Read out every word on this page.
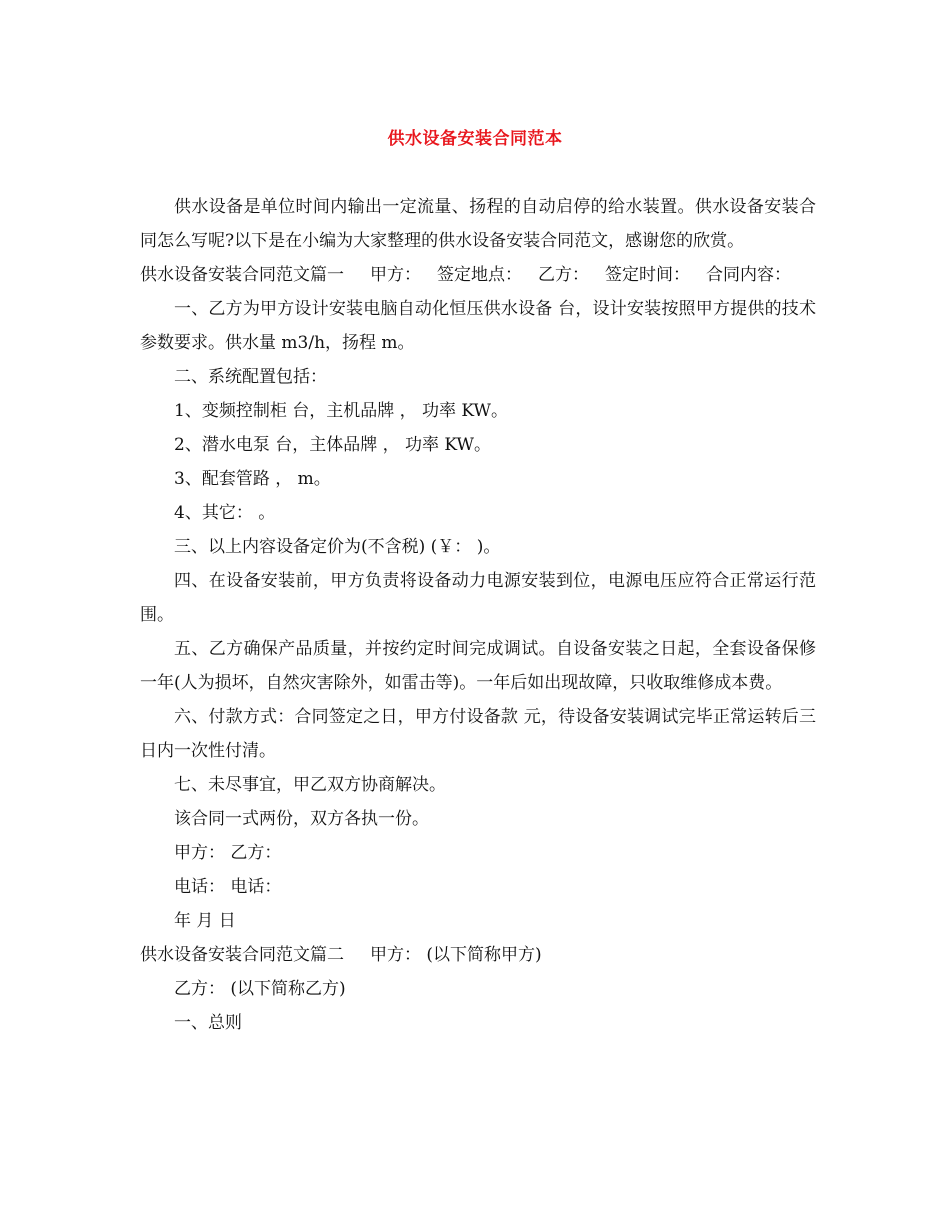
供水设备安装合同范本

供水设备是单位时间内输出一定流量、扬程的自动启停的给水装置。供水设备安装合同怎么写呢?以下是在小编为大家整理的供水设备安装合同范文，感谢您的欣赏。

供水设备安装合同范文篇一 甲方： 签定地点： 乙方： 签定时间： 合同内容：

一、乙方为甲方设计安装电脑自动化恒压供水设备 台，设计安装按照甲方提供的技术参数要求。供水量 m3/h，扬程 m。

二、系统配置包括：

1、变频控制柜 台，主机品牌 ， 功率 KW。

2、潜水电泵 台，主体品牌 ， 功率 KW。

3、配套管路 ， m。

4、其它： 。

三、以上内容设备定价为(不含税) (￥： )。

四、在设备安装前，甲方负责将设备动力电源安装到位，电源电压应符合正常运行范围。

五、乙方确保产品质量，并按约定时间完成调试。自设备安装之日起，全套设备保修一年(人为损坏，自然灾害除外，如雷击等)。一年后如出现故障，只收取维修成本费。

六、付款方式：合同签定之日，甲方付设备款 元，待设备安装调试完毕正常运转后三日内一次性付清。

七、未尽事宜，甲乙双方协商解决。

该合同一式两份，双方各执一份。

甲方： 乙方：

电话： 电话：

年 月 日

供水设备安装合同范文篇二 甲方： (以下简称甲方)

乙方： (以下简称乙方)

一、总则
